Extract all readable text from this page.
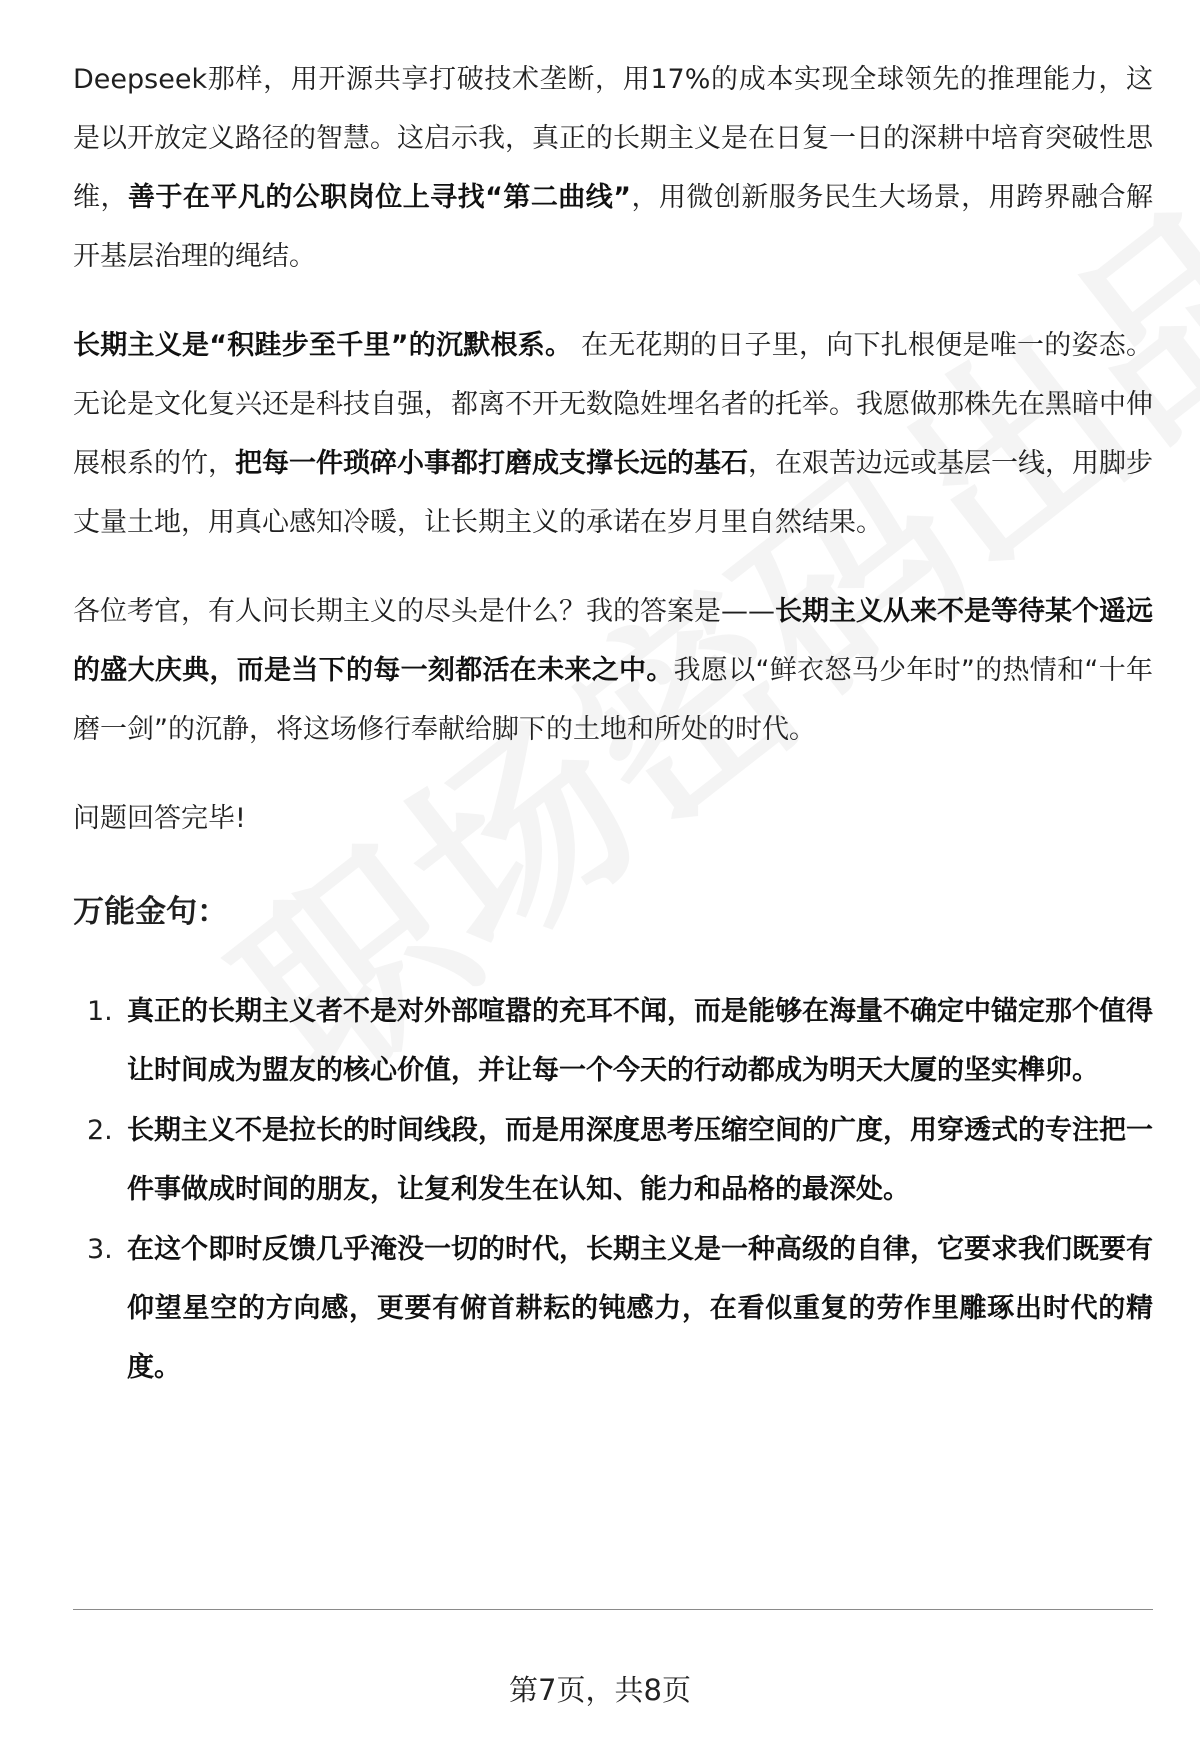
Deepseek那样，用开源共享打破技术垄断，用17%的成本实现全球领先的推理能力，这是以开放定义路径的智慧。这启示我，真正的长期主义是在日复一日的深耕中培育突破性思维，善于在平凡的公职岗位上寻找“第二曲线”，用微创新服务民生大场景，用跨界融合解开基层治理的绳结。

长期主义是“积跬步至千里”的沉默根系。 在无花期的日子里，向下扎根便是唯一的姿态。无论是文化复兴还是科技自强，都离不开无数隐姓埋名者的托举。我愿做那株先在黑暗中伸展根系的竹，把每一件琐碎小事都打磨成支撑长远的基石，在艰苦边远或基层一线，用脚步丈量土地，用真心感知冷暖，让长期主义的承诺在岁月里自然结果。

各位考官，有人问长期主义的尽头是什么？我的答案是——长期主义从来不是等待某个遥远的盛大庆典，而是当下的每一刻都活在未来之中。我愿以“鲜衣怒马少年时”的热情和“十年磨一剑”的沉静，将这场修行奉献给脚下的土地和所处的时代。

问题回答完毕!

万能金句：
1. 真正的长期主义者不是对外部喧嚣的充耳不闻，而是能够在海量不确定中锚定那个值得让时间成为盟友的核心价值，并让每一个今天的行动都成为明天大厦的坚实榫卯。
2. 长期主义不是拉长的时间线段，而是用深度思考压缩空间的广度，用穿透式的专注把一件事做成时间的朋友，让复利发生在认知、能力和品格的最深处。
3. 在这个即时反馈几乎淹没一切的时代，长期主义是一种高级的自律，它要求我们既要有仰望星空的方向感，更要有俯首耕耘的钝感力，在看似重复的劳作里雕琢出时代的精度。
第7页，共8页
